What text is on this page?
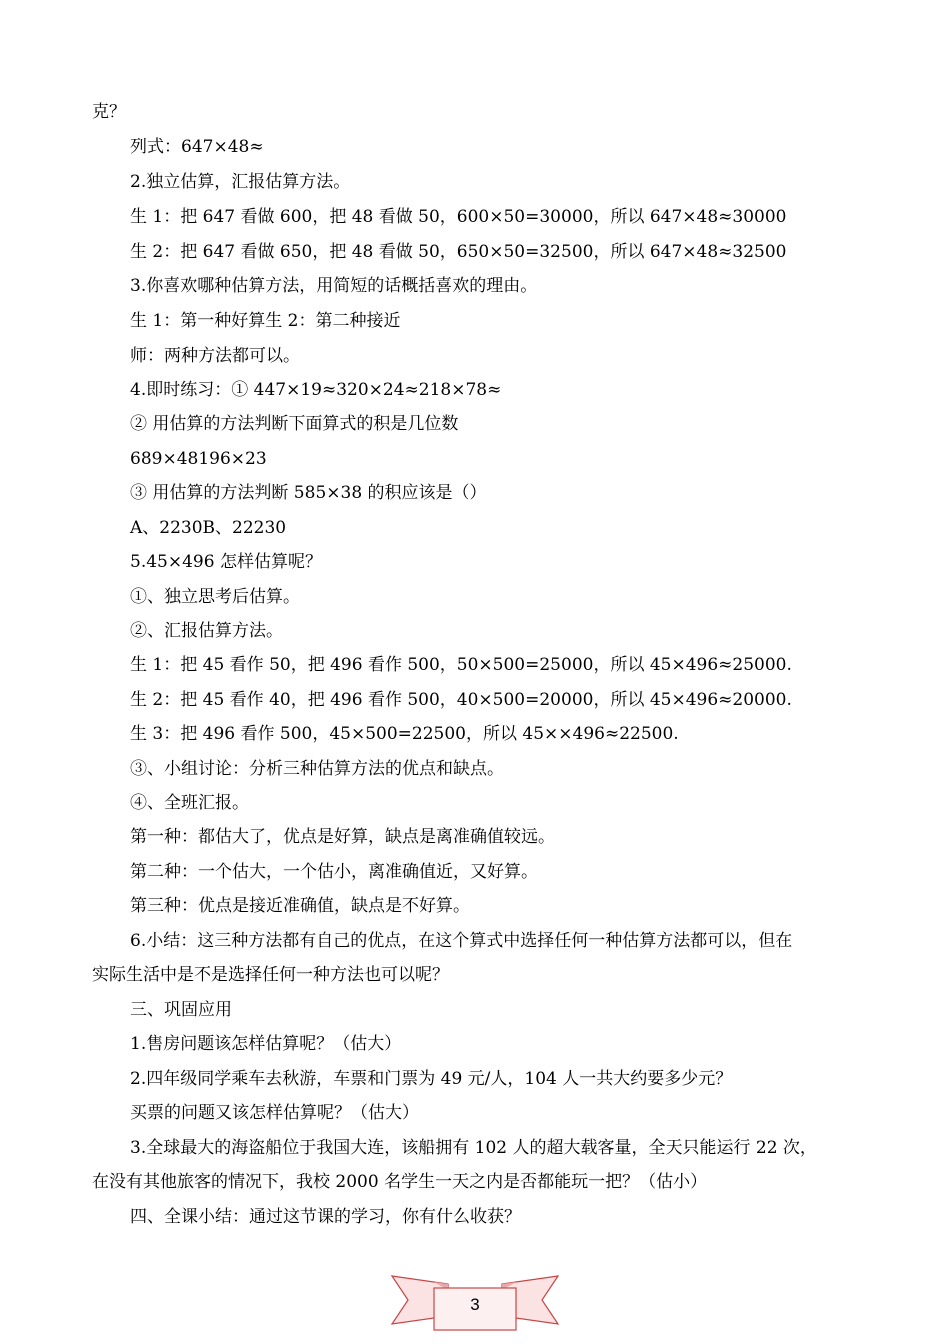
克？
列式：647×48≈
2.独立估算，汇报估算方法。
生 1：把 647 看做 600，把 48 看做 50，600×50=30000，所以 647×48≈30000
生 2：把 647 看做 650，把 48 看做 50，650×50=32500，所以 647×48≈32500
3.你喜欢哪种估算方法，用简短的话概括喜欢的理由。
生 1：第一种好算生 2：第二种接近
师：两种方法都可以。
4.即时练习：① 447×19≈320×24≈218×78≈
② 用估算的方法判断下面算式的积是几位数
689×48196×23
③ 用估算的方法判断 585×38 的积应该是（）
A、2230B、22230
5.45×496 怎样估算呢？
①、独立思考后估算。
②、汇报估算方法。
生 1：把 45 看作 50，把 496 看作 500，50×500=25000，所以 45×496≈25000.
生 2：把 45 看作 40，把 496 看作 500，40×500=20000，所以 45×496≈20000.
生 3：把 496 看作 500，45×500=22500，所以 45××496≈22500.
③、小组讨论：分析三种估算方法的优点和缺点。
④、全班汇报。
第一种：都估大了，优点是好算，缺点是离准确值较远。
第二种：一个估大，一个估小，离准确值近，又好算。
第三种：优点是接近准确值，缺点是不好算。
6.小结：这三种方法都有自己的优点，在这个算式中选择任何一种估算方法都可以，但在
实际生活中是不是选择任何一种方法也可以呢？
三、巩固应用
1.售房问题该怎样估算呢？（估大）
2.四年级同学乘车去秋游，车票和门票为 49 元/人，104 人一共大约要多少元？
买票的问题又该怎样估算呢？（估大）
3.全球最大的海盗船位于我国大连，该船拥有 102 人的超大载客量，全天只能运行 22 次，
在没有其他旅客的情况下，我校 2000 名学生一天之内是否都能玩一把？（估小）
四、全课小结：通过这节课的学习，你有什么收获？
3
